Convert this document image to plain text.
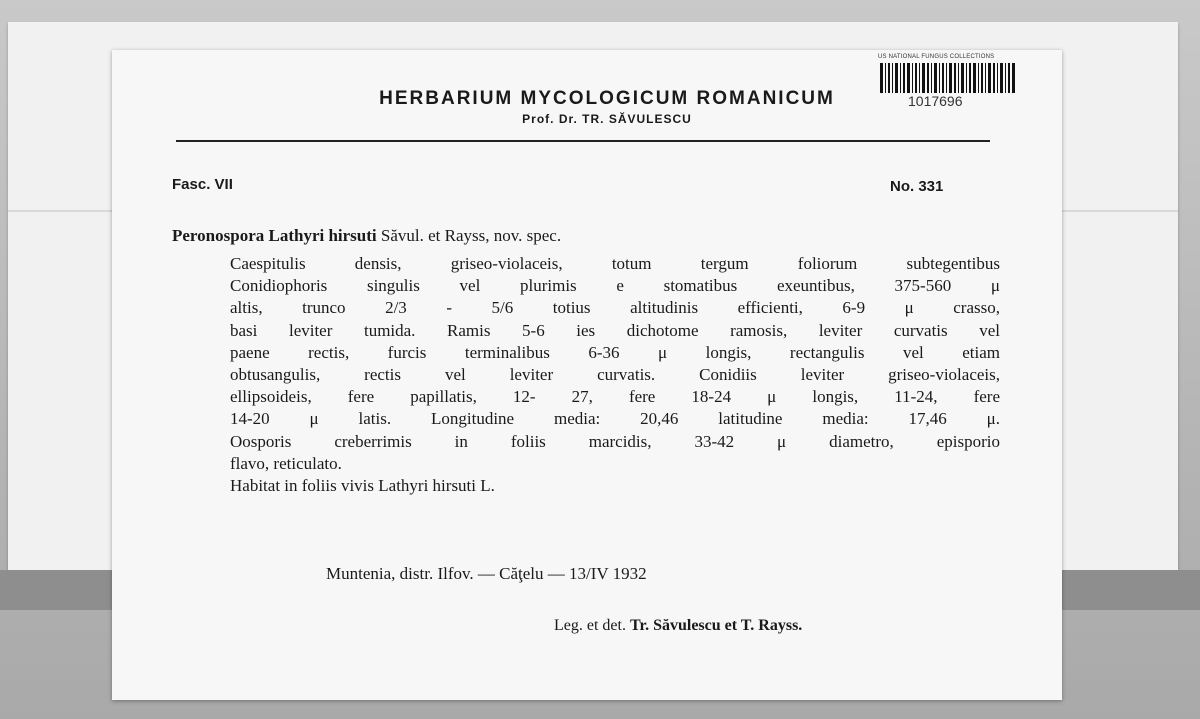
HERBARIUM MYCOLOGICUM ROMANICUM
Prof. Dr. TR. SĂVULESCU
US NATIONAL FUNGUS COLLECTIONS
1017696
Fasc. VII	No. 331
Peronospora Lathyri hirsuti Săvul. et Rayss, nov. spec.
Caespitulis densis, griseo-violaceis, totum tergum foliorum subtegentibus
Conidiophoris singulis vel plurimis e stomatibus exeuntibus, 375-560 μ
altis, trunco 2/3 - 5/6 totius altitudinis efficienti, 6-9 μ crasso,
basi leviter tumida. Ramis 5-6 ies dichotome ramosis, leviter curvatis vel
paene rectis, furcis terminalibus 6-36 μ longis, rectangulis vel etiam
obtusangulis, rectis vel leviter curvatis. Conidiis leviter griseo-violaceis,
ellipsoideis, fere papillatis, 12- 27, fere 18-24 μ longis, 11-24, fere
14-20 μ latis. Longitudine media: 20,46 latitudine media: 17,46 μ.
Oosporis creberrimis in foliis marcidis, 33-42 μ diametro, episporio
flavo, reticulato.
Habitat in foliis vivis Lathyri hirsuti L.
Muntenia, distr. Ilfov. — Căţelu — 13/IV 1932
Leg. et det. Tr. Săvulescu et T. Rayss.
